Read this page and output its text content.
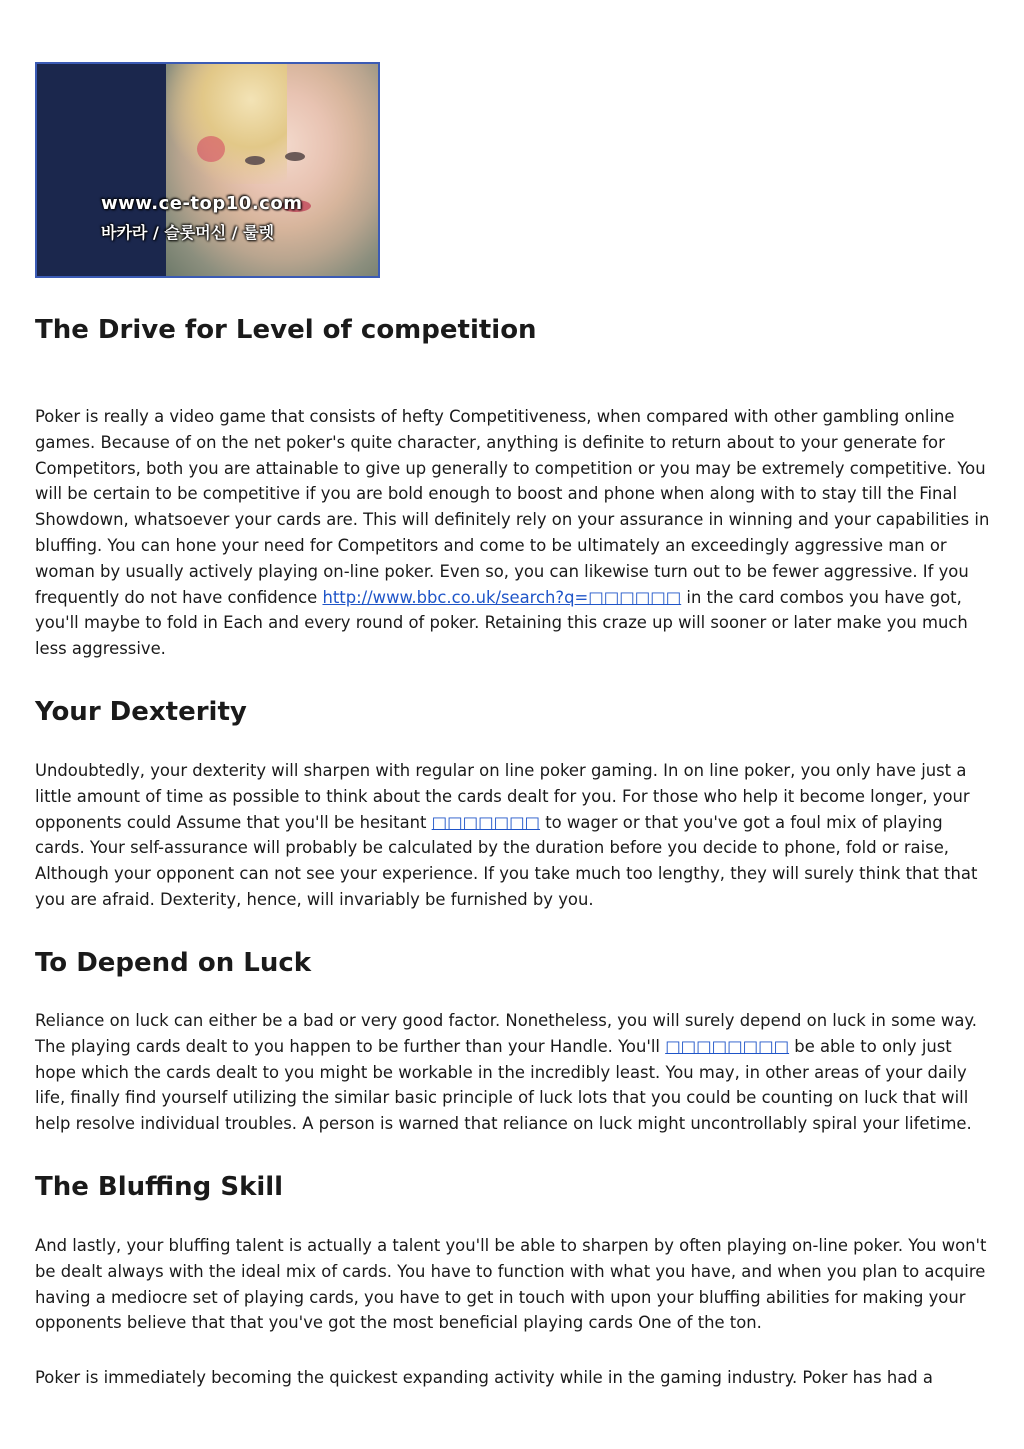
www.ce-top10.com
바카라 / 슬롯머신 / 룰렛
The Drive for Level of competition

Poker is really a video game that consists of hefty Competitiveness, when compared with other gambling online games. Because of on the net poker's quite character, anything is definite to return about to your generate for Competitors, both you are attainable to give up generally to competition or you may be extremely competitive. You will be certain to be competitive if you are bold enough to boost and phone when along with to stay till the Final Showdown, whatsoever your cards are. This will definitely rely on your assurance in winning and your capabilities in bluffing. You can hone your need for Competitors and come to be ultimately an exceedingly aggressive man or woman by usually actively playing on-line poker. Even so, you can likewise turn out to be fewer aggressive. If you frequently do not have confidence http://www.bbc.co.uk/search?q=□□□□□□ in the card combos you have got, you'll maybe to fold in Each and every round of poker. Retaining this craze up will sooner or later make you much less aggressive.

Your Dexterity

Undoubtedly, your dexterity will sharpen with regular on line poker gaming. In on line poker, you only have just a little amount of time as possible to think about the cards dealt for you. For those who help it become longer, your opponents could Assume that you'll be hesitant □□□□□□□ to wager or that you've got a foul mix of playing cards. Your self-assurance will probably be calculated by the duration before you decide to phone, fold or raise, Although your opponent can not see your experience. If you take much too lengthy, they will surely think that that you are afraid. Dexterity, hence, will invariably be furnished by you.

To Depend on Luck

Reliance on luck can either be a bad or very good factor. Nonetheless, you will surely depend on luck in some way. The playing cards dealt to you happen to be further than your Handle. You'll □□□□□□□□ be able to only just hope which the cards dealt to you might be workable in the incredibly least. You may, in other areas of your daily life, finally find yourself utilizing the similar basic principle of luck lots that you could be counting on luck that will help resolve individual troubles. A person is warned that reliance on luck might uncontrollably spiral your lifetime.

The Bluffing Skill

And lastly, your bluffing talent is actually a talent you'll be able to sharpen by often playing on-line poker. You won't be dealt always with the ideal mix of cards. You have to function with what you have, and when you plan to acquire having a mediocre set of playing cards, you have to get in touch with upon your bluffing abilities for making your opponents believe that that you've got the most beneficial playing cards One of the ton.

Poker is immediately becoming the quickest expanding activity while in the gaming industry. Poker has had a
